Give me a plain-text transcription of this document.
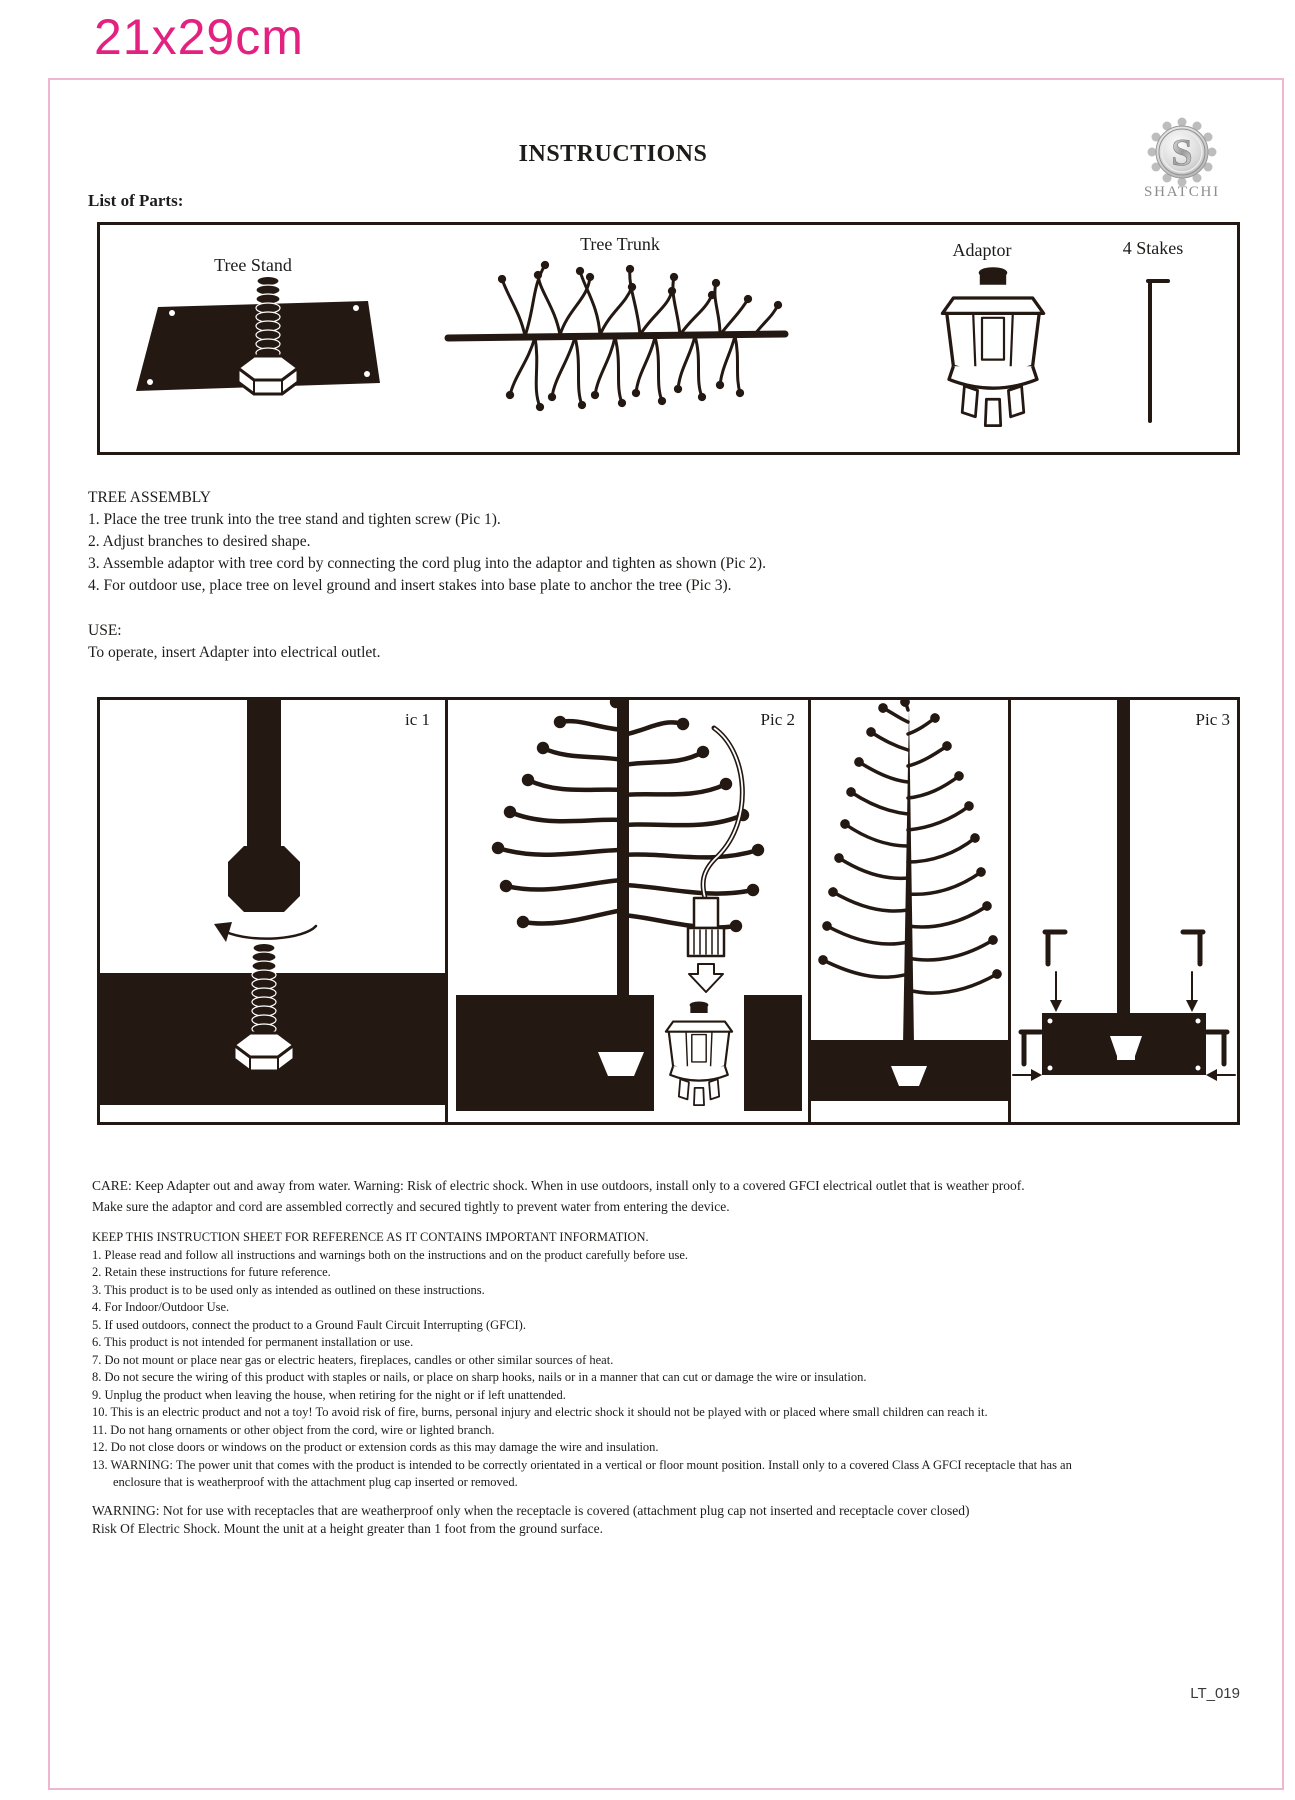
21x29cm
INSTRUCTIONS
List of Parts:
S
SHATCHI
Tree Stand
Tree Trunk	Adaptor	4 Stakes
TREE ASSEMBLY
1. Place the tree trunk into the tree stand and tighten screw (Pic 1).
2. Adjust branches to desired shape.
3. Assemble adaptor with tree cord by connecting the cord plug into the adaptor and tighten as shown (Pic 2).
4. For outdoor use, place tree on level ground and insert stakes into base plate to anchor the tree (Pic 3).
USE:
To operate, insert Adapter into electrical outlet.
ic 1	Pic 2	Pic 3
CARE: Keep Adapter out and away from water. Warning: Risk of electric shock. When in use outdoors, install only to a covered GFCI electrical outlet that is weather proof.
Make sure the adaptor and cord are assembled correctly and secured tightly to prevent water from entering the device.
KEEP THIS INSTRUCTION SHEET FOR REFERENCE AS IT CONTAINS IMPORTANT INFORMATION.
1. Please read and follow all instructions and warnings both on the instructions and on the product carefully before use.
2. Retain these instructions for future reference.
3. This product is to be used only as intended as outlined on these instructions.
4. For Indoor/Outdoor Use.
5. If used outdoors, connect the product to a Ground Fault Circuit Interrupting (GFCI).
6. This product is not intended for permanent installation or use.
7. Do not mount or place near gas or electric heaters, fireplaces, candles or other similar sources of heat.
8. Do not secure the wiring of this product with staples or nails, or place on sharp hooks, nails or in a manner that can cut or damage the wire or insulation.
9. Unplug the product when leaving the house, when retiring for the night or if left unattended.
10. This is an electric product and not a toy! To avoid risk of fire, burns, personal injury and electric shock it should not be played with or placed where small children can reach it.
11. Do not hang ornaments or other object from the cord, wire or lighted branch.
12. Do not close doors or windows on the product or extension cords as this may damage the wire and insulation.
13. WARNING: The power unit that comes with the product is intended to be correctly orientated in a vertical or floor mount position. Install only to a covered Class A GFCI receptacle that has an
enclosure that is weatherproof with the attachment plug cap inserted or removed.
WARNING: Not for use with receptacles that are weatherproof only when the receptacle is covered (attachment plug cap not inserted and receptacle cover closed)
Risk Of Electric Shock. Mount the unit at a height greater than 1 foot from the ground surface.
LT_019
